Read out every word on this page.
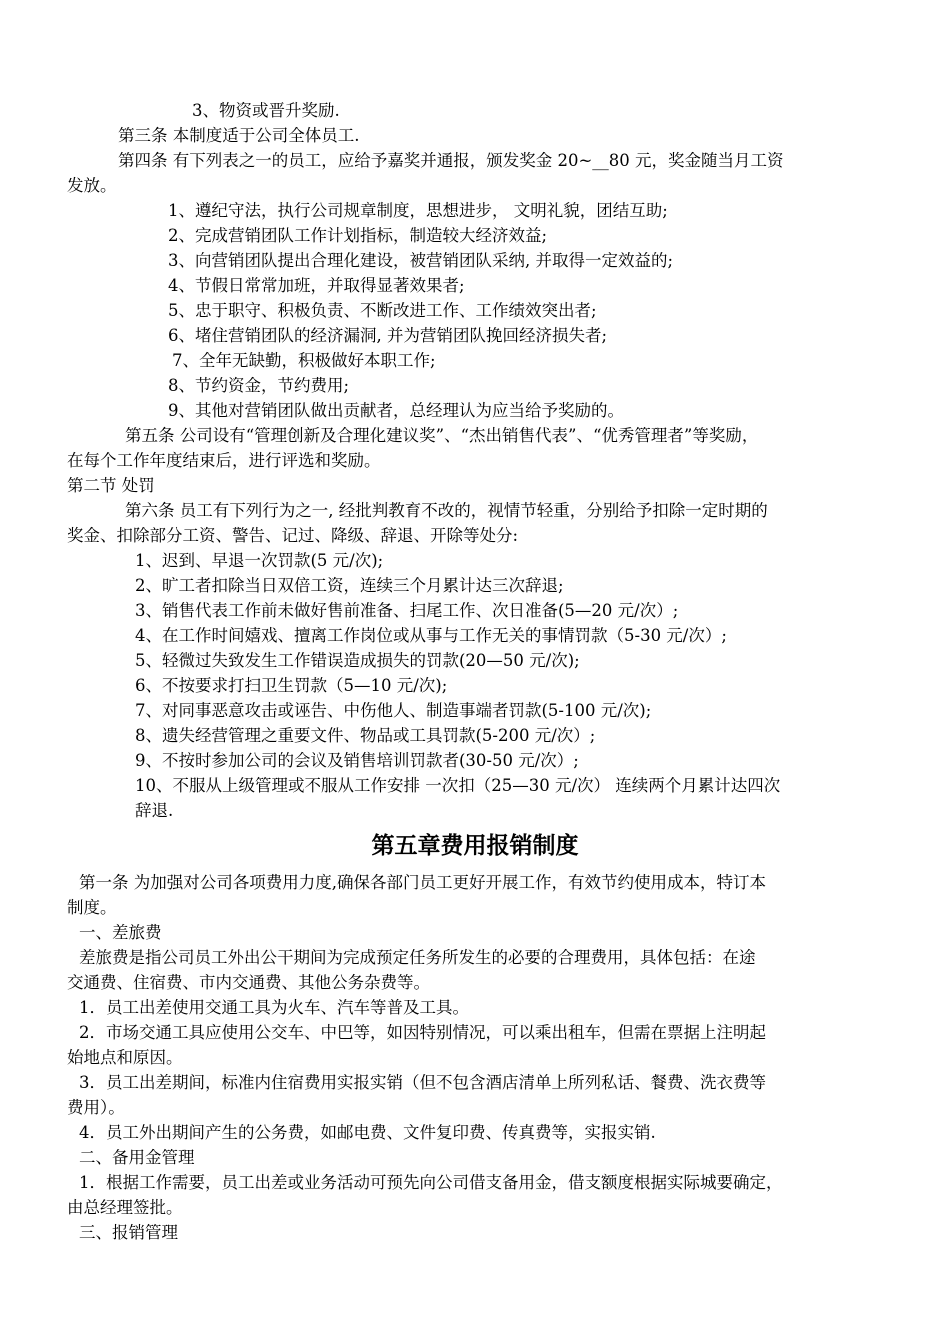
3、物资或晋升奖励.
第三条 本制度适于公司全体员工.
第四条 有下列表之一的员工，应给予嘉奖并通报，颁发奖金 20~__80 元，奖金随当月工资
发放。
1、遵纪守法，执行公司规章制度，思想进步， 文明礼貌，团结互助;
2、完成营销团队工作计划指标，制造较大经济效益;
3、向营销团队提出合理化建设，被营销团队采纳, 并取得一定效益的;
4、节假日常常加班，并取得显著效果者;
5、忠于职守、积极负责、不断改进工作、工作绩效突出者;
6、堵住营销团队的经济漏洞, 并为营销团队挽回经济损失者;
7、全年无缺勤，积极做好本职工作;
8、节约资金，节约费用;
9、其他对营销团队做出贡献者，总经理认为应当给予奖励的。
第五条 公司设有“管理创新及合理化建议奖”、“杰出销售代表”、“优秀管理者”等奖励，
在每个工作年度结束后，进行评选和奖励。
第二节 处罚
第六条 员工有下列行为之一, 经批判教育不改的，视情节轻重，分别给予扣除一定时期的
奖金、扣除部分工资、警告、记过、降级、辞退、开除等处分:
1、迟到、早退一次罚款(5 元/次);
2、旷工者扣除当日双倍工资，连续三个月累计达三次辞退;
3、销售代表工作前未做好售前准备、扫尾工作、次日准备(5—20 元/次）;
4、在工作时间嬉戏、擅离工作岗位或从事与工作无关的事情罚款（5-30 元/次）;
5、轻微过失致发生工作错误造成损失的罚款(20—50 元/次);
6、不按要求打扫卫生罚款（5—10 元/次);
7、对同事恶意攻击或诬告、中伤他人、制造事端者罚款(5-100 元/次);
8、遗失经营管理之重要文件、物品或工具罚款(5-200 元/次）;
9、不按时参加公司的会议及销售培训罚款者(30-50 元/次）;
10、不服从上级管理或不服从工作安排 一次扣（25—30 元/次） 连续两个月累计达四次
辞退.
第五章费用报销制度
第一条 为加强对公司各项费用力度,确保各部门员工更好开展工作，有效节约使用成本，特订本
制度。
一、差旅费
差旅费是指公司员工外出公干期间为完成预定任务所发生的必要的合理费用，具体包括：在途
交通费、住宿费、市内交通费、其他公务杂费等。
1．员工出差使用交通工具为火车、汽车等普及工具。
2．市场交通工具应使用公交车、中巴等，如因特别情况，可以乘出租车，但需在票据上注明起
始地点和原因。
3．员工出差期间，标准内住宿费用实报实销（但不包含酒店清单上所列私话、餐费、洗衣费等
费用）。
4．员工外出期间产生的公务费，如邮电费、文件复印费、传真费等，实报实销.
二、备用金管理
1．根据工作需要，员工出差或业务活动可预先向公司借支备用金，借支额度根据实际城要确定，
由总经理签批。
三、报销管理
